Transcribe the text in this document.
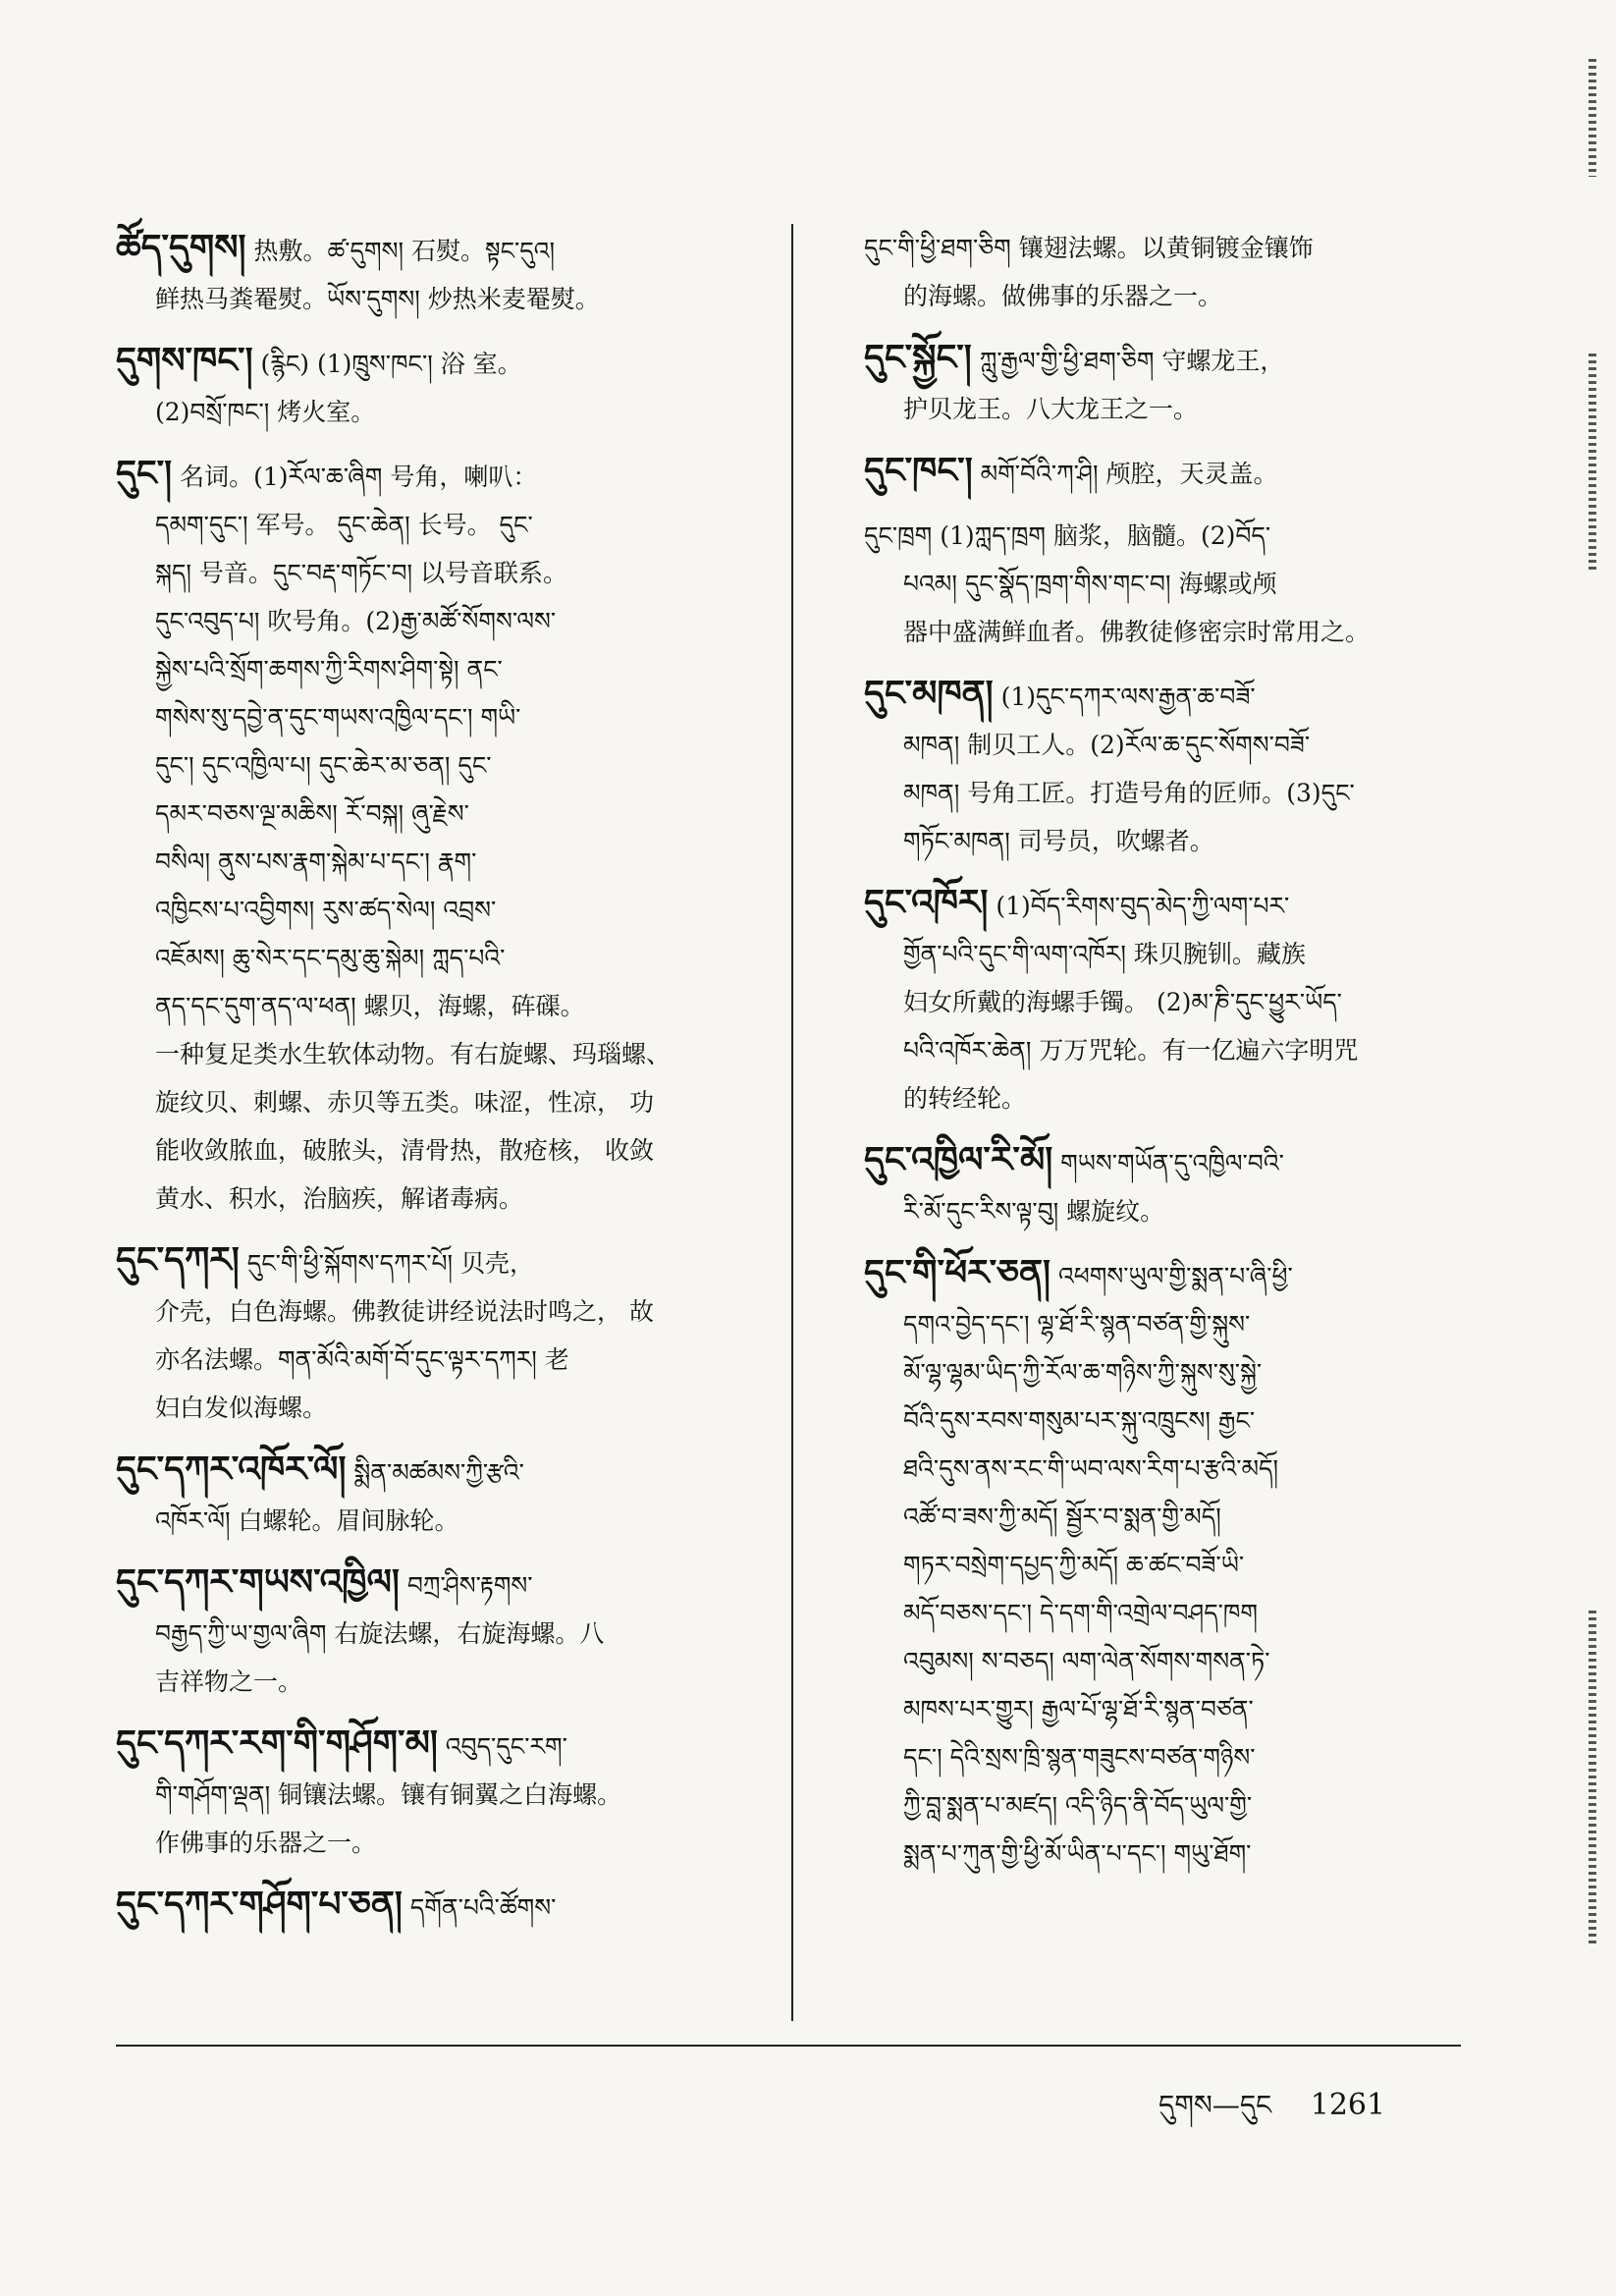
ཚོད་དུགས། 热敷。ཚ་དུགས། 石熨。སྟང་དུའ།
鲜热马粪罨熨。ཡོས་དུགས། 炒热米麦罨熨。
དུགས་ཁང་། (རྙིང) (1)ཁྲུས་ཁང་། 浴 室。
(2)བསྲོ་ཁང་། 烤火室。
དུང་། 名词。(1)རོལ་ཆ་ཞིག 号角，喇叭：
དམག་དུང་། 军号。 དུང་ཆེན། 长号。 དུང་
སྐད། 号音。དུང་བརྡ་གཏོང་བ། 以号音联系。
དུང་འབུད་པ། 吹号角。(2)རྒྱ་མཚོ་སོགས་ལས་
སྐྱེས་པའི་སྲོག་ཆགས་ཀྱི་རིགས་ཤིག་སྟེ། ནང་
གསེས་སུ་དབྱེ་ན་དུང་གཡས་འཁྱིལ་དང་། གཡི་
དུང་། དུང་འཁྱིལ་པ། དུང་ཆེར་མ་ཅན། དུང་
དམར་བཅས་ལྔ་མཆིས། རོ་བསྐ། ཞུ་རྗེས་
བསིལ། ནུས་པས་རྣག་སྐེམ་པ་དང་། རྣག་
འཁྱིངས་པ་འབྱིགས། རུས་ཚད་སེལ། འབྲས་
འཇོམས། ཆུ་སེར་དང་དམུ་ཆུ་སྐེམ། ཀླད་པའི་
ནད་དང་དུག་ནད་ལ་ཕན། 螺贝，海螺，砗磲。
一种复足类水生软体动物。有右旋螺、玛瑙螺、
旋纹贝、刺螺、赤贝等五类。味涩，性凉， 功
能收敛脓血，破脓头，清骨热，散疮核， 收敛
黄水、积水，治脑疾，解诸毒病。
དུང་དཀར། དུང་གི་ཕྱི་སྐོགས་དཀར་པོ། 贝壳，
介壳，白色海螺。佛教徒讲经说法时鸣之， 故
亦名法螺。གན་མོའི་མགོ་བོ་དུང་ལྟར་དཀར། 老
妇白发似海螺。
དུང་དཀར་འཁོར་ལོ། སྨིན་མཚམས་ཀྱི་རྩའི་
འཁོར་ལོ། 白螺轮。眉间脉轮。
དུང་དཀར་གཡས་འཁྱིལ། བཀྲ་ཤིས་རྟགས་
བརྒྱད་ཀྱི་ཡ་གྱལ་ཞིག 右旋法螺，右旋海螺。八
吉祥物之一。
དུང་དཀར་རག་གི་གཤོག་མ། འབུད་དུང་རག་
གི་གཤོག་ལྡན། 铜镶法螺。镶有铜翼之白海螺。
作佛事的乐器之一。
དུང་དཀར་གཤོག་པ་ཅན། དགོན་པའི་ཚོགས་
དུང་གི་ཕྱི་ཐག་ཅིག 镶翅法螺。以黄铜镀金镶饰
的海螺。做佛事的乐器之一。
དུང་སྐྱོང་། ཀླུ་རྒྱལ་གྱི་ཕྱི་ཐག་ཅིག 守螺龙王，
护贝龙王。八大龙王之一。
དུང་ཁང་། མགོ་བོའི་ཀ་ཤི། 颅腔，天灵盖。
དུང་ཁྲག (1)ཀླད་ཁྲག 脑浆，脑髓。(2)བོད་
པའམ། དུང་སྣོད་ཁྲག་གིས་གང་བ། 海螺或颅
器中盛满鲜血者。佛教徒修密宗时常用之。
དུང་མཁན། (1)དུང་དཀར་ལས་རྒྱན་ཆ་བཟོ་
མཁན། 制贝工人。(2)རོལ་ཆ་དུང་སོགས་བཟོ་
མཁན། 号角工匠。打造号角的匠师。(3)དུང་
གཏོང་མཁན། 司号员，吹螺者。
དུང་འཁོར། (1)བོད་རིགས་བུད་མེད་ཀྱི་ལག་པར་
གྱོན་པའི་དུང་གི་ལག་འཁོར། 珠贝腕钏。藏族
妇女所戴的海螺手镯。 (2)མ་ཎི་དུང་ཕྱུར་ཡོད་
པའི་འཁོར་ཆེན། 万万咒轮。有一亿遍六字明咒
的转经轮。
དུང་འཁྱིལ་རི་མོ། གཡས་གཡོན་དུ་འཁྱིལ་བའི་
རི་མོ་དུང་རིས་ལྟ་བུ། 螺旋纹。
དུང་གི་ཕོར་ཅན། འཕགས་ཡུལ་གྱི་སྨན་པ་ཞི་ཕྱི་
དགའ་བྱེད་དང་། ལྷ་ཐོ་རི་སྙན་བཙན་གྱི་སྐུས་
མོ་ལྷ་ལྷམ་ཡིད་ཀྱི་རོལ་ཆ་གཉིས་ཀྱི་སྐུས་སུ་སྐྱེ་
བོའི་དུས་རབས་གསུམ་པར་སྐུ་འཁྲུངས། རྒྱང་
ཐའི་དུས་ནས་རང་གི་ཡབ་ལས་རིག་པ་རྩའི་མདོ།
འཚོ་བ་ཟས་ཀྱི་མདོ། སྦྱོར་བ་སྨན་གྱི་མདོ།
གཏར་བསྲེག་དཔྱད་ཀྱི་མདོ། ཆ་ཚང་བཟོ་ཡི་
མདོ་བཅས་དང་། དེ་དག་གི་འགྲེལ་བཤད་ཁག
འབུམས། ས་བཅད། ལག་ལེན་སོགས་གསན་ཏེ་
མཁས་པར་གྱུར། རྒྱལ་པོ་ལྷ་ཐོ་རི་སྙན་བཙན་
དང་། དེའི་སྲས་ཁྲི་སྙན་གཟུངས་བཙན་གཉིས་
ཀྱི་བླ་སྨན་པ་མཛད། འདི་ཉིད་ནི་བོད་ཡུལ་གྱི་
སྨན་པ་ཀུན་གྱི་ཕྱི་མོ་ཡིན་པ་དང་། གཡུ་ཐོག་
དུགས—དུང 1261
